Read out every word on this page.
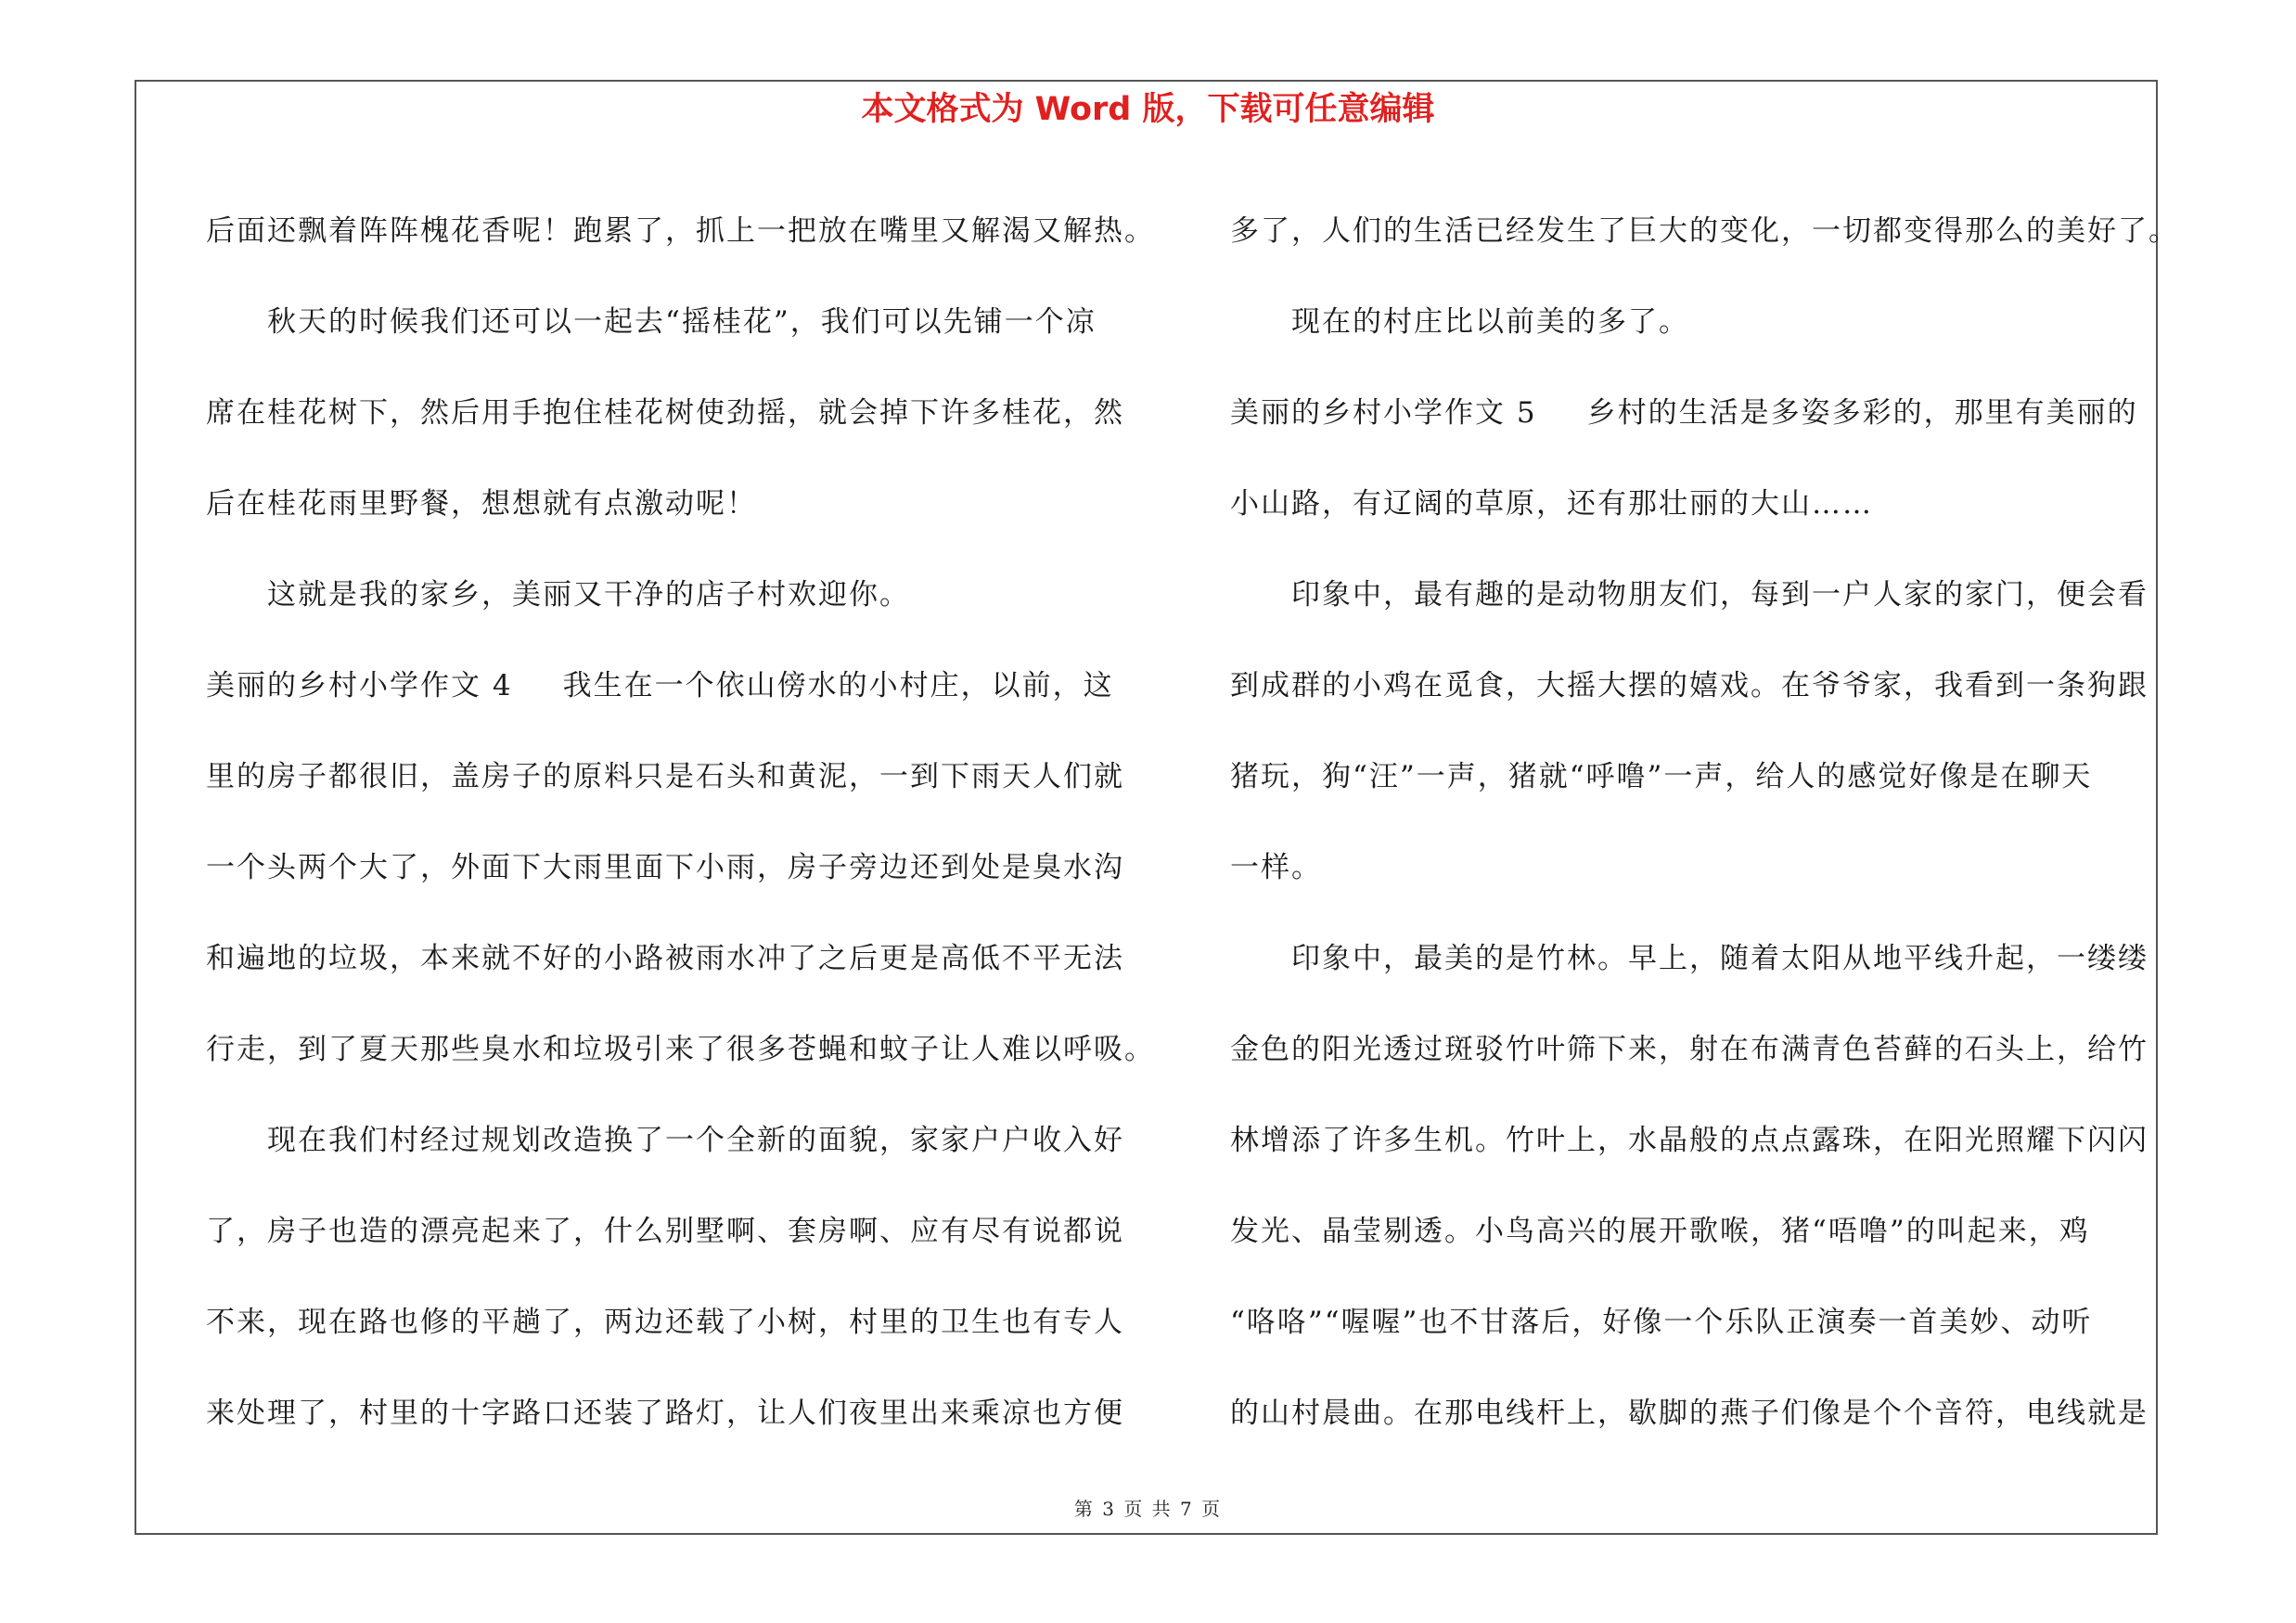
本文格式为 Word 版，下载可任意编辑
后面还飘着阵阵槐花香呢！跑累了，抓上一把放在嘴里又解渴又解热。
秋天的时候我们还可以一起去“摇桂花”，我们可以先铺一个凉
席在桂花树下，然后用手抱住桂花树使劲摇，就会掉下许多桂花，然
后在桂花雨里野餐，想想就有点激动呢！
这就是我的家乡，美丽又干净的店子村欢迎你。
美丽的乡村小学作文 4 我生在一个依山傍水的小村庄，以前，这
里的房子都很旧，盖房子的原料只是石头和黄泥，一到下雨天人们就
一个头两个大了，外面下大雨里面下小雨，房子旁边还到处是臭水沟
和遍地的垃圾，本来就不好的小路被雨水冲了之后更是高低不平无法
行走，到了夏天那些臭水和垃圾引来了很多苍蝇和蚊子让人难以呼吸。
现在我们村经过规划改造换了一个全新的面貌，家家户户收入好
了，房子也造的漂亮起来了，什么别墅啊、套房啊、应有尽有说都说
不来，现在路也修的平趟了，两边还载了小树，村里的卫生也有专人
来处理了，村里的十字路口还装了路灯，让人们夜里出来乘凉也方便
多了，人们的生活已经发生了巨大的变化，一切都变得那么的美好了。
现在的村庄比以前美的多了。
美丽的乡村小学作文 5 乡村的生活是多姿多彩的，那里有美丽的
小山路，有辽阔的草原，还有那壮丽的大山……
印象中，最有趣的是动物朋友们，每到一户人家的家门，便会看
到成群的小鸡在觅食，大摇大摆的嬉戏。在爷爷家，我看到一条狗跟
猪玩，狗“汪”一声，猪就“呼噜”一声，给人的感觉好像是在聊天
一样。
印象中，最美的是竹林。早上，随着太阳从地平线升起，一缕缕
金色的阳光透过斑驳竹叶筛下来，射在布满青色苔藓的石头上，给竹
林增添了许多生机。竹叶上，水晶般的点点露珠，在阳光照耀下闪闪
发光、晶莹剔透。小鸟高兴的展开歌喉，猪“唔噜”的叫起来，鸡
“咯咯”“喔喔”也不甘落后，好像一个乐队正演奏一首美妙、动听
的山村晨曲。在那电线杆上，歇脚的燕子们像是个个音符，电线就是
第 3 页 共 7 页
